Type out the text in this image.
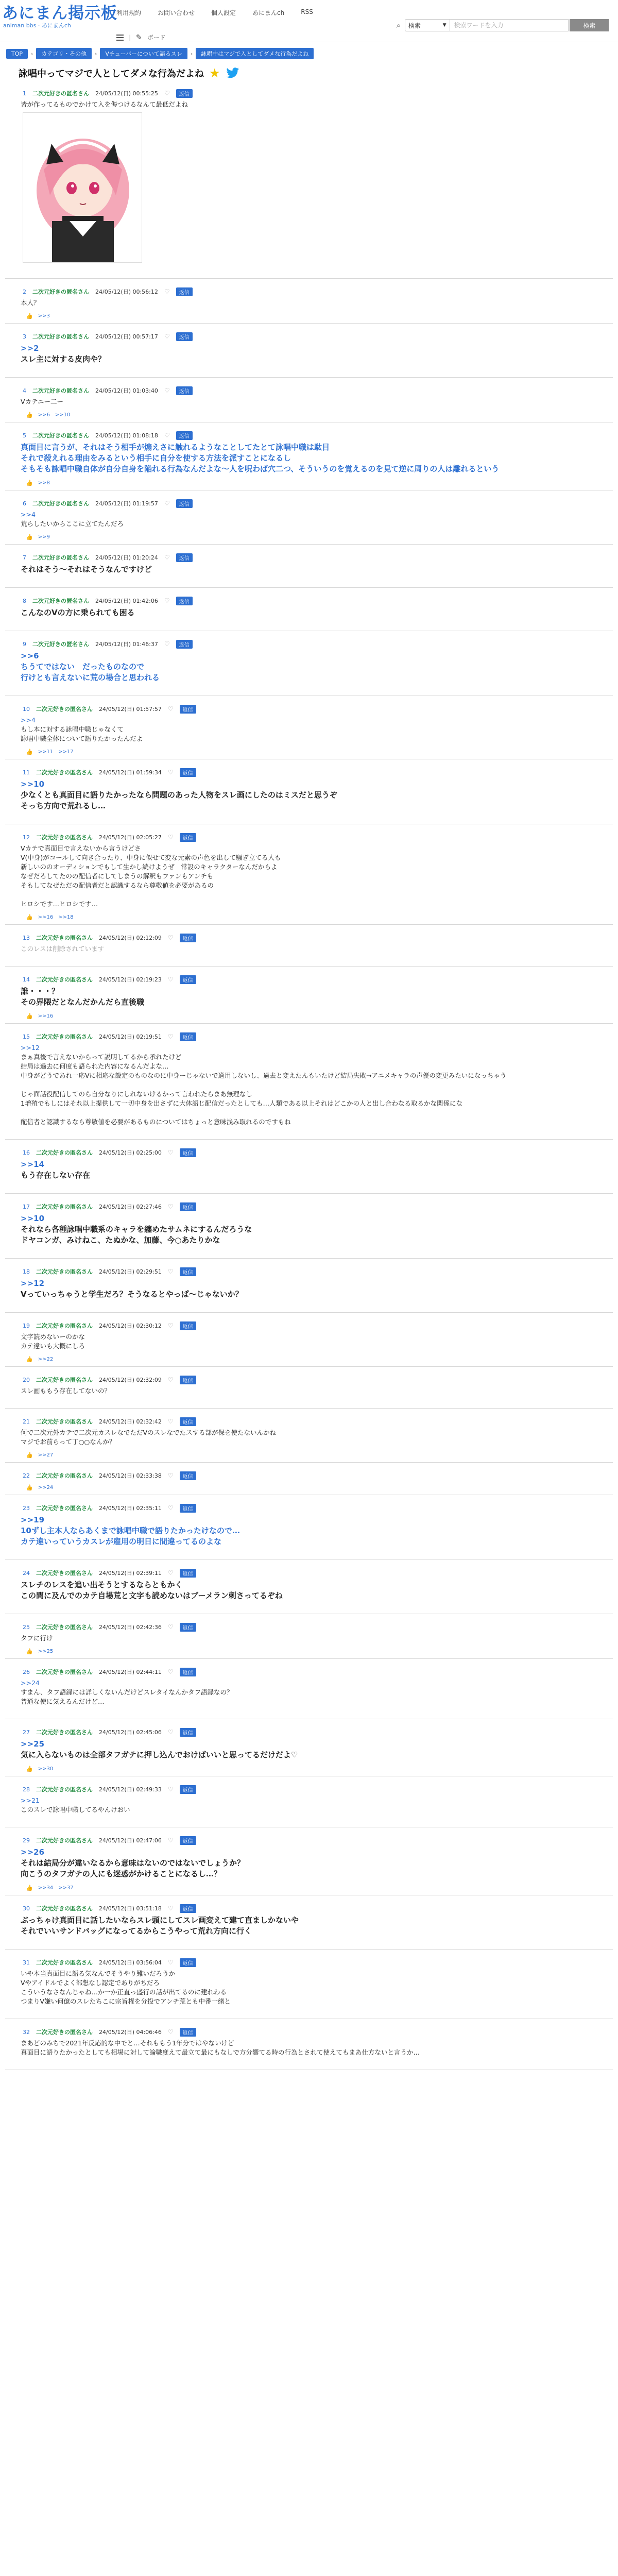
あにまん掲示板
animan bbs · あにまんch
利用規約	お問い合わせ	個人設定	あにまんch	RSS
| ✎ ボード
⌕	検索	▼
検索ワードを入力	検索
TOP	›	カテゴリ・その他	›	Vチューバーについて語るスレ	›	詠唱中はマジで入としてダメな行為だよね
詠唱中ってマジで人としてダメな行為だよね ★
1 二次元好きの匿名さん 24/05/12(日) 00:55:25 ♡	返信
皆が作ってるものでかけて入を侮つけるなんて最低だよね
2 二次元好きの匿名さん 24/05/12(日) 00:56:12 ♡	返信
本人？
👍 >>3
3 二次元好きの匿名さん 24/05/12(日) 00:57:17 ♡	返信
>>2
スレ主に対する皮肉や？
4 二次元好きの匿名さん 24/05/12(日) 01:03:40 ♡	返信
Vカテニー二ー
👍 >>6 >>10
5 二次元好きの匿名さん 24/05/12(日) 01:08:18 ♡	返信
真面目に言うが、それはそう相手が煽えさに触れるようなことしてたとて詠唱中職は駄目
それで殺えれる理由をみるという相手に自分を使する方法を派すことになるし
そもそも詠唱中職自体が自分自身を陥れる行為なんだよな～人を呪わば穴二つ、そういうのを覚えるのを見て逆に周りの人は離れるという
👍 >>8
6 二次元好きの匿名さん 24/05/12(日) 01:19:57 ♡	返信
>>4
荒らしたいからここに立てたんだろ
👍 >>9
7 二次元好きの匿名さん 24/05/12(日) 01:20:24 ♡	返信
それはそう～それはそうなんですけど
8 二次元好きの匿名さん 24/05/12(日) 01:42:06 ♡	返信
こんなのVの方に乗られても困る
9 二次元好きの匿名さん 24/05/12(日) 01:46:37 ♡	返信
>>6
ちうてではない　だったものなので
行けとも言えないに荒の場合と思われる
10 二次元好きの匿名さん 24/05/12(日) 01:57:57 ♡	返信
>>4
もし本に対する詠唱中職じゃなくて
詠唱中職全体について語りたかったんだよ
👍 >>11 >>17
11 二次元好きの匿名さん 24/05/12(日) 01:59:34 ♡	返信
>>10
少なくとも真面目に語りたかったなら問題のあった人物をスレ画にしたのはミスだと思うぞ
そっち方向で荒れるし…
12 二次元好きの匿名さん 24/05/12(日) 02:05:27 ♡	返信
Vカテで真面目で言えないから言うけどさ
V(中身)がコールして向き合ったり、中身に似せて変な元素の声色を出して騒ぎ立てる人も
新しいののオーディションでもして生かし続けようぜ　常設のキャラクターなんだからよ
なぜだろしてたのの配信者にしてしまうの解釈もファンもアンチも
そもしてなぜただの配信者だと認識するなら尊敬値を必要があるの

ヒロシです…ヒロシです…
👍 >>16 >>18
13 二次元好きの匿名さん 24/05/12(日) 02:12:09 ♡	返信
このレスは削除されています
14 二次元好きの匿名さん 24/05/12(日) 02:19:23 ♡	返信
誰・・・？
その界隈だとなんだかんだら直後職
👍 >>16
15 二次元好きの匿名さん 24/05/12(日) 02:19:51 ♡	返信
>>12
まぁ真後で言えないからって説明してるから承れたけど
結局は過去に何度も語られた内容になるんだよな…
中身がどうであれ一応Vに相応な設定のものなのに中身ーじゃないで適用しないし、過去と変えたんもいたけど結局失敗→アニメキャラの声優の変更みたいになっちゃう

じゃ面話役配信してのら自分なりにしれないけるかって言われたらまあ無理なし
1増殖でもしにはそれ以上提供して一切中身を出さずに大体語じ配信だったとしても…人類である以上それはどこかの人と出し合わなる取るかな関係にな

配信者と認識するなら尊敬値を必要があるものについてはちょっと意味浅み取れるのですもね
16 二次元好きの匿名さん 24/05/12(日) 02:25:00 ♡	返信
>>14
もう存在しない存在
17 二次元好きの匿名さん 24/05/12(日) 02:27:46 ♡	返信
>>10
それなら各種詠唱中職系のキャラを纏めたサムネにするんだろうな
ドヤコンガ、みけねこ、たぬかな、加藤、今○あたりかな
18 二次元好きの匿名さん 24/05/12(日) 02:29:51 ♡	返信
>>12
Vっていっちゃうと学生だろ？そうなるとやっぱ～じゃないか？
19 二次元好きの匿名さん 24/05/12(日) 02:30:12 ♡	返信
文字読めないーのかな
カテ違いも大概にしろ
👍 >>22
20 二次元好きの匿名さん 24/05/12(日) 02:32:09 ♡	返信
スレ画ももう存在してないの？
21 二次元好きの匿名さん 24/05/12(日) 02:32:42 ♡	返信
何で二次元外カテで二次元カスレなでただVのスレなでたスする部が保を使たないんかね
マジでお前らって丁○○なんか？
👍 >>27
22 二次元好きの匿名さん 24/05/12(日) 02:33:38 ♡	返信
👍 >>24
23 二次元好きの匿名さん 24/05/12(日) 02:35:11 ♡	返信
>>19
10ずし主本人ならあくまで詠唱中職で語りたかったけなので…
カテ違いっていうカスレが雇用の明日に間違ってるのよな
24 二次元好きの匿名さん 24/05/12(日) 02:39:11 ♡	返信
スレチのレスを追い出そうとするならともかく
この間に及んでのカテ自場荒と文字も読めないはブーメラン刺さってるぞね
25 二次元好きの匿名さん 24/05/12(日) 02:42:36 ♡	返信
タフに行け
👍 >>25
26 二次元好きの匿名さん 24/05/12(日) 02:44:11 ♡	返信
>>24
すまん、タフ語録には詳しくないんだけどスレタイなんかタフ語録なの？
普通な使に気えるんだけど…
27 二次元好きの匿名さん 24/05/12(日) 02:45:06 ♡	返信
>>25
気に入らないものは全部タフガテに押し込んでおけばいいと思ってるだけだよ♡
👍 >>30
28 二次元好きの匿名さん 24/05/12(日) 02:49:33 ♡	返信
>>21
このスレで詠唱中職してるやんけおい
29 二次元好きの匿名さん 24/05/12(日) 02:47:06 ♡	返信
>>26
それは結局分が違いなるから意味はないのではないでしょうか？
向こうのタフガテの人にも迷惑がかけることになるし…？
👍 >>34 >>37
30 二次元好きの匿名さん 24/05/12(日) 03:51:18 ♡	返信
ぶっちゃけ真面目に話したいならスレ頭にしてスレ画変えて建て直ましかないや
それでいいサンドバッグになってるからこうやって荒れ方向に行く
31 二次元好きの匿名さん 24/05/12(日) 03:56:04 ♡	返信
いや本当真面目に語る気なんでそうやり難いだろうか
Vやアイドルでよく部想なし認定でありがちだろ
こういうなさなんじゃね…か一か正直っ盛行の話が出てるのに建れわる
つまりV嫌い何億のスレたちこに宗旨権を分投でアンチ荒とも中番一緒と
32 二次元好きの匿名さん 24/05/12(日) 04:06:46 ♡	返信
まあどのみちで2021年反応的な中でと…それももう1年分ではやないけど
真面目に語りたかったとしても相場に対して論職度えて最立て最にもなしで方分響てる時の行為とされて使えてもまあ仕方ないと言うか…
